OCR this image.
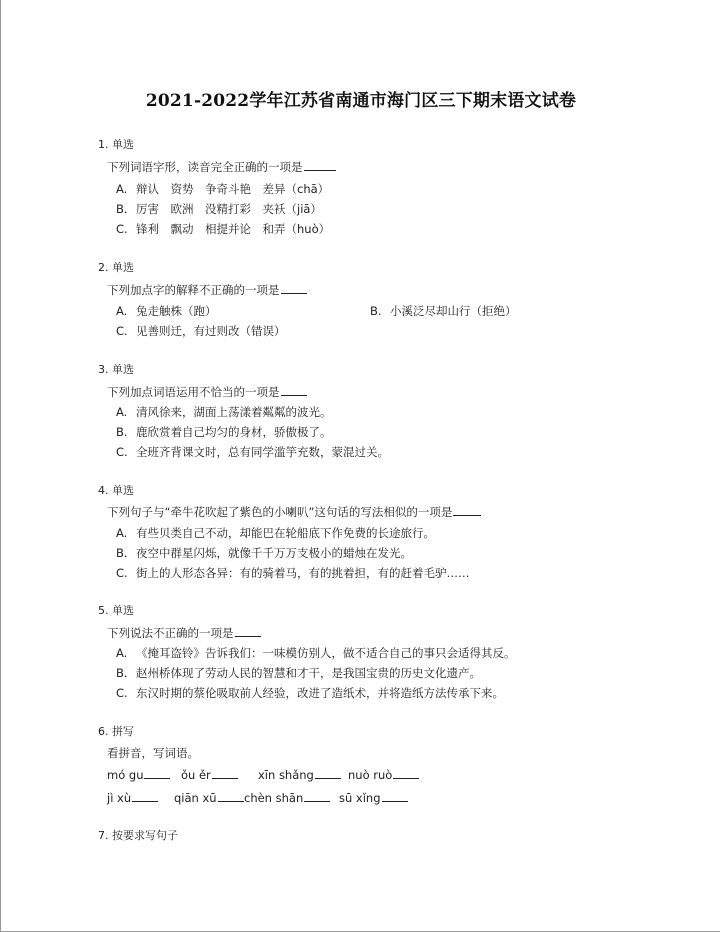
2021-2022学年江苏省南通市海门区三下期末语文试卷
1. 单选
下列词语字形，读音完全正确的一项是
A. 辩认　资势　争奇斗艳　差异（chā）
B. 厉害　欧洲　没精打彩　夹袄（jiā）
C. 锋利　飘动　相提并论　和弄（huò）
2. 单选
下列加点字的解释不正确的一项是
A. 兔走触株（跑）	B. 小溪泛尽却山行（拒绝）
C. 见善则迁，有过则改（错误）
3. 单选
下列加点词语运用不恰当的一项是
A. 清风徐来，湖面上荡漾着粼粼的波光。
B. 鹿欣赏着自己均匀的身材，骄傲极了。
C. 全班齐背课文时，总有同学滥竽充数，蒙混过关。
4. 单选
下列句子与“牵牛花吹起了紫色的小喇叭”这句话的写法相似的一项是
A. 有些贝类自己不动，却能巴在轮船底下作免费的长途旅行。
B. 夜空中群星闪烁，就像千千万万支极小的蜡烛在发光。
C. 街上的人形态各异：有的骑着马，有的挑着担，有的赶着毛驴……
5. 单选
下列说法不正确的一项是
A. 《掩耳盗铃》告诉我们：一味模仿别人，做不适合自己的事只会适得其反。
B. 赵州桥体现了劳动人民的智慧和才干，是我国宝贵的历史文化遗产。
C. 东汉时期的蔡伦吸取前人经验，改进了造纸术，并将造纸方法传承下来。
6. 拼写
看拼音，写词语。
mó gu	ǒu ěr	xīn shǎng	nuò ruò
jì xù	qiān xū	chèn shān	sū xǐng
7. 按要求写句子
